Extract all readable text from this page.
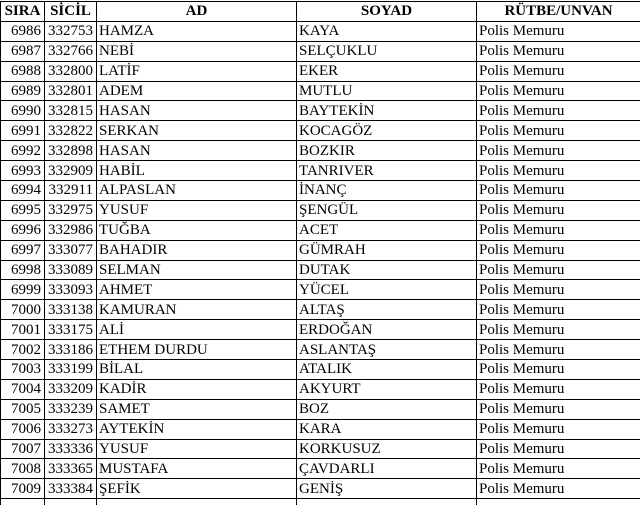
SIRA	SİCİL	AD	SOYAD	RÜTBE/UNVAN
6986	332753	HAMZA	KAYA	Polis Memuru
6987	332766	NEBİ	SELÇUKLU	Polis Memuru
6988	332800	LATİF	EKER	Polis Memuru
6989	332801	ADEM	MUTLU	Polis Memuru
6990	332815	HASAN	BAYTEKİN	Polis Memuru
6991	332822	SERKAN	KOCAGÖZ	Polis Memuru
6992	332898	HASAN	BOZKIR	Polis Memuru
6993	332909	HABİL	TANRIVER	Polis Memuru
6994	332911	ALPASLAN	İNANÇ	Polis Memuru
6995	332975	YUSUF	ŞENGÜL	Polis Memuru
6996	332986	TUĞBA	ACET	Polis Memuru
6997	333077	BAHADIR	GÜMRAH	Polis Memuru
6998	333089	SELMAN	DUTAK	Polis Memuru
6999	333093	AHMET	YÜCEL	Polis Memuru
7000	333138	KAMURAN	ALTAŞ	Polis Memuru
7001	333175	ALİ	ERDOĞAN	Polis Memuru
7002	333186	ETHEM DURDU	ASLANTAŞ	Polis Memuru
7003	333199	BİLAL	ATALIK	Polis Memuru
7004	333209	KADİR	AKYURT	Polis Memuru
7005	333239	SAMET	BOZ	Polis Memuru
7006	333273	AYTEKİN	KARA	Polis Memuru
7007	333336	YUSUF	KORKUSUZ	Polis Memuru
7008	333365	MUSTAFA	ÇAVDARLI	Polis Memuru
7009	333384	ŞEFİK	GENİŞ	Polis Memuru
